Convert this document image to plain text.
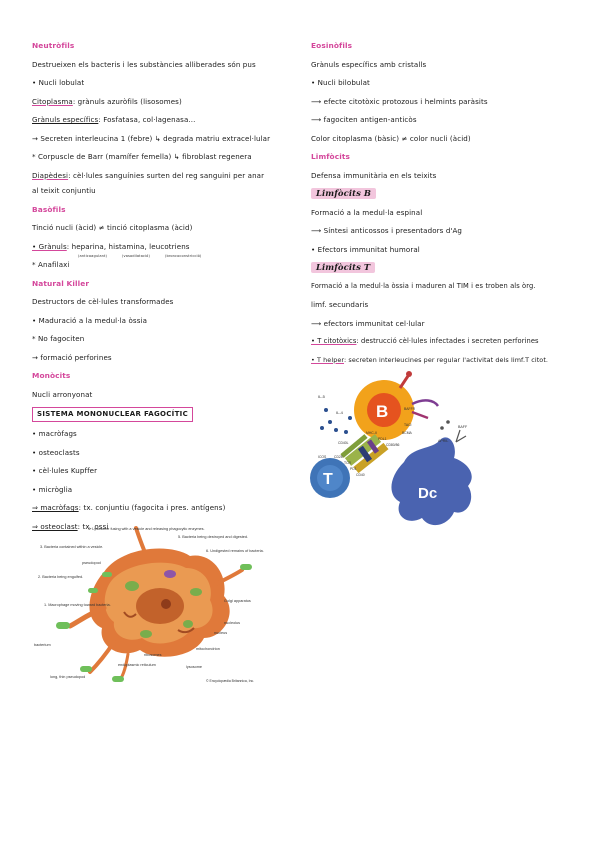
Neutròfils
Destrueixen els bacteris i les substàncies alliberades són pus
• Nucli lobulat
Citoplasma: grànuls azuròfils (lisosomes)
Grànuls específics: Fosfatasa, col·lagenasa...
→ Secreten interleucina 1 (febre) ↳ degrada matriu extracel·lular
* Corpuscle de Barr (mamífer femella) ↳ fibroblast regenera
Diapèdesi: cèl·lules sanguínies surten del reg sanguini per anar
al teixit conjuntiu
Basòfils
Tinció nucli (àcid) ≠ tinció citoplasma (àcid)
• Grànuls: heparina, histamina, leucotriens
(anticoagulant)	(vasodilatació)	(broncoconstricció)
* Anafilaxi
Natural Killer
Destructors de cèl·lules transformades
• Maduració a la medul·la òssia
* No fagociten
→ formació perforines
Monòcits
Nucli arronyonat
SISTEMA MONONUCLEAR FAGOCÍTIC
• macròfags
• osteoclasts
• cèl·lules Kupffer
• micròglia
⇒ macròfags: tx. conjuntiu (fagocita i pres. antígens)
⇒ osteoclast: tx. ossi
Eosinòfils
Grànuls específics amb cristalls
• Nucli bilobulat
⟶ efecte citotòxic protozous i helmints paràsits
⟶ fagociten antigen-anticòs
Color citoplasma (bàsic) ≠ color nucli (àcid)
Limfòcits
Defensa immunitària en els teixits
Limfòcits B
Formació a la medul·la espinal
⟶ Síntesi anticossos i presentadors d'Ag
• Efectors immunitat humoral
Limfòcits T
Formació a la medul·la òssia i maduren al TIM i es troben als òrg.
limf. secundaris
⟶ efectors immunitat cel·lular
• T citotòxics: destrucció cèl·lules infectades i secreten perforines
• T helper: secreten interleucines per regular l'activitat dels limf.T citot.
Dc
T
B
IL-5
IL-4
ICOS
CD40L
CD28
TCR
PD1
CD40
MHC-II
PDL1
CD80/86
BAFFR
TACI
BCMA
APRIL
BAFF
4. Lysosome fusing with a vesicle and releasing phagocytic enzymes.
5. Bacteria being destroyed and digested.
3. Bacteria contained within a vesicle.
pseudopod
6. Undigested remains of bacteria.
2. Bacteria being engulfed.
Golgi apparatus
1. Macrophage moving toward bacteria.
nucleolus
nucleus
bacterium
ribosomes
mitochondrion
endoplasmic reticulum	lysosome
long, thin pseudopod
© Encyclopædia Britannica, Inc.
